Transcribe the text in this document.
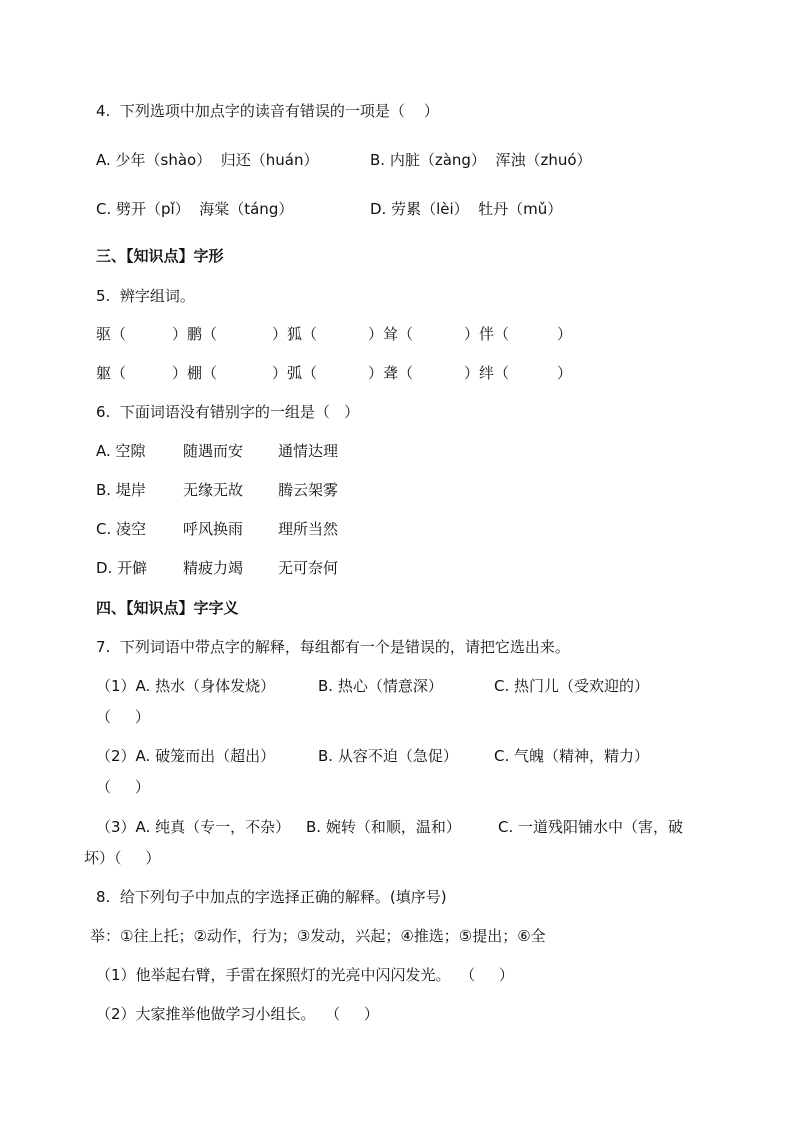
4.  下列选项中加点字的读音有错误的一项是（    ）
A. 少年（shào）  归还（huán）	B. 内脏（zàng）  浑浊（zhuó）
C. 劈开（pǐ）  海棠（táng）	D. 劳累（lèi）  牡丹（mǔ）
三、【知识点】字形
5.  辨字组词。
驱（	）鹏（	）狐（	）耸（	）伴（	）
躯（	）棚（	）弧（	）聋（	）绊（	）
6.  下面词语没有错别字的一组是（   ）
A. 空隙 随遇而安 通情达理
B. 堤岸 无缘无故 腾云架雾
C. 凌空 呼风换雨 理所当然
D. 开僻 精疲力竭 无可奈何
四、【知识点】字字义
7.  下列词语中带点字的解释，每组都有一个是错误的，请把它选出来。
（1）A. 热水（身体发烧）	B. 热心（情意深）	C. 热门儿（受欢迎的）
（     ）
（2）A. 破笼而出（超出）	B. 从容不迫（急促） C. 气魄（精神，精力）
（     ）
（3）A. 纯真（专一，不杂） B. 婉转（和顺，温和） C. 一道残阳铺水中（害，破
坏）（     ）
8.  给下列句子中加点的字选择正确的解释。(填序号)
举：①往上托；②动作，行为；③发动，兴起；④推选；⑤提出；⑥全
（1）他举起右臂，手雷在探照灯的光亮中闪闪发光。  （     ）
（2）大家推举他做学习小组长。  （     ）
